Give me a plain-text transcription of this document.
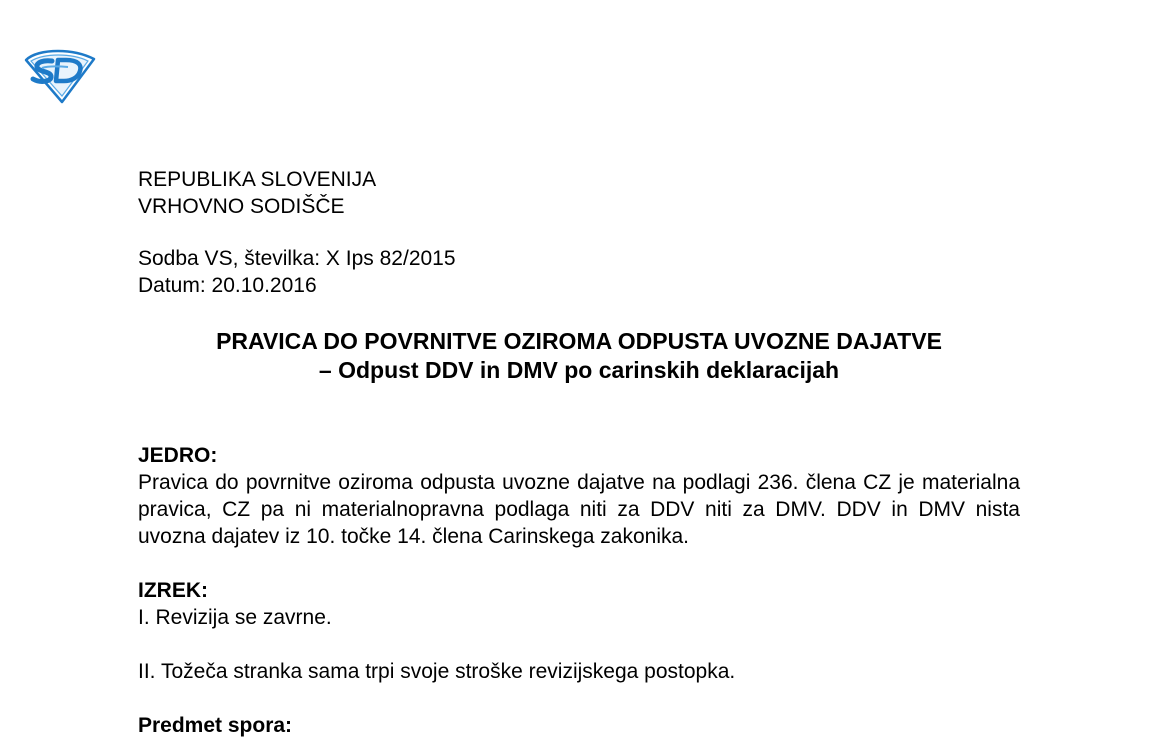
REPUBLIKA SLOVENIJA
VRHOVNO SODIŠČE
Sodba VS, številka: X Ips 82/2015
Datum: 20.10.2016
PRAVICA DO POVRNITVE OZIROMA ODPUSTA UVOZNE DAJATVE
– Odpust DDV in DMV po carinskih deklaracijah
JEDRO:
Pravica do povrnitve oziroma odpusta uvozne dajatve na podlagi 236. člena CZ je materialna pravica, CZ pa ni materialnopravna podlaga niti za DDV niti za DMV. DDV in DMV nista uvozna dajatev iz 10. točke 14. člena Carinskega zakonika.
IZREK:
I. Revizija se zavrne.
II. Tožeča stranka sama trpi svoje stroške revizijskega postopka.
Predmet spora:
